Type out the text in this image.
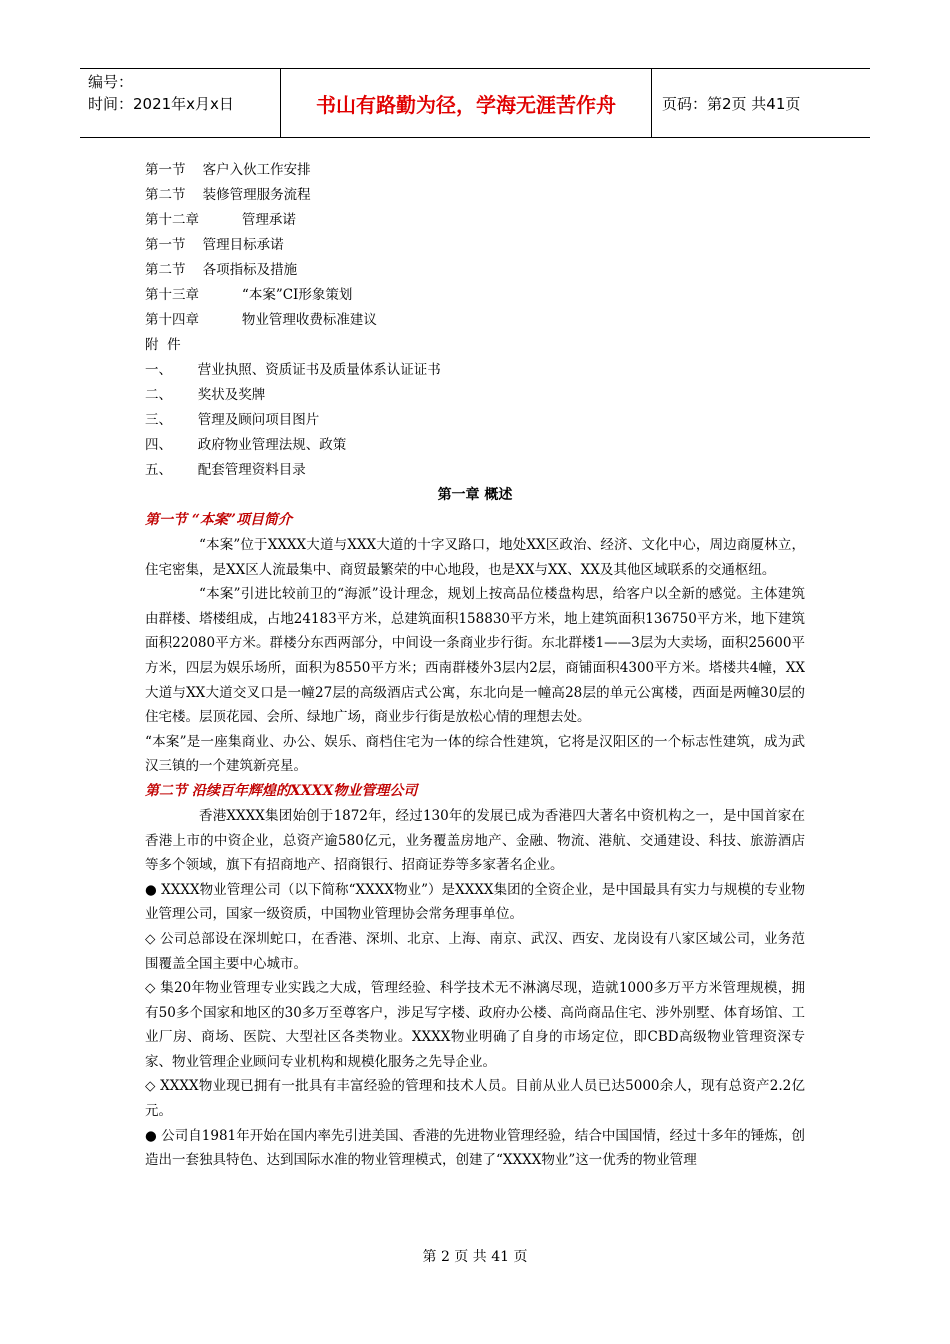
编号：
时间：2021年x月x日	书山有路勤为径，学海无涯苦作舟	页码：第2页 共41页
第一节    客户入伙工作安排
第二节    装修管理服务流程
第十二章          管理承诺
第一节    管理目标承诺
第二节    各项指标及措施
第十三章          “本案”CI形象策划
第十四章          物业管理收费标准建议
附  件
一、      营业执照、资质证书及质量体系认证证书
二、      奖状及奖牌
三、      管理及顾问项目图片
四、      政府物业管理法规、政策
五、      配套管理资料目录
第一章 概述
第一节 “本案”项目简介

“本案”位于XXXX大道与XXX大道的十字叉路口，地处XX区政治、经济、文化中心，周边商厦林立，住宅密集，是XX区人流最集中、商贸最繁荣的中心地段，也是XX与XX、XX及其他区域联系的交通枢纽。

“本案”引进比较前卫的“海派”设计理念，规划上按高品位楼盘构思，给客户以全新的感觉。主体建筑由群楼、塔楼组成，占地24183平方米，总建筑面积158830平方米，地上建筑面积136750平方米，地下建筑面积22080平方米。群楼分东西两部分，中间设一条商业步行街。东北群楼1——3层为大卖场，面积25600平方米，四层为娱乐场所，面积为8550平方米；西南群楼外3层内2层，商铺面积4300平方米。塔楼共4幢，XX大道与XX大道交叉口是一幢27层的高级酒店式公寓，东北向是一幢高28层的单元公寓楼，西面是两幢30层的住宅楼。层顶花园、会所、绿地广场，商业步行街是放松心情的理想去处。

“本案”是一座集商业、办公、娱乐、商档住宅为一体的综合性建筑，它将是汉阳区的一个标志性建筑，成为武汉三镇的一个建筑新亮星。

第二节 沿续百年辉煌的XXXX物业管理公司

香港XXXX集团始创于1872年，经过130年的发展已成为香港四大著名中资机构之一，是中国首家在香港上市的中资企业，总资产逾580亿元，业务覆盖房地产、金融、物流、港航、交通建设、科技、旅游酒店等多个领域，旗下有招商地产、招商银行、招商证券等多家著名企业。

● XXXX物业管理公司（以下简称“XXXX物业”）是XXXX集团的全资企业，是中国最具有实力与规模的专业物业管理公司，国家一级资质，中国物业管理协会常务理事单位。

◇ 公司总部设在深圳蛇口，在香港、深圳、北京、上海、南京、武汉、西安、龙岗设有八家区域公司，业务范围覆盖全国主要中心城市。

◇ 集20年物业管理专业实践之大成，管理经验、科学技术无不淋漓尽现，造就1000多万平方米管理规模，拥有50多个国家和地区的30多万至尊客户，涉足写字楼、政府办公楼、高尚商品住宅、涉外别墅、体育场馆、工业厂房、商场、医院、大型社区各类物业。XXXX物业明确了自身的市场定位，即CBD高级物业管理资深专家、物业管理企业顾问专业机构和规模化服务之先导企业。

◇ XXXX物业现已拥有一批具有丰富经验的管理和技术人员。目前从业人员已达5000余人，现有总资产2.2亿元。

● 公司自1981年开始在国内率先引进美国、香港的先进物业管理经验，结合中国国情，经过十多年的锤炼，创造出一套独具特色、达到国际水准的物业管理模式，创建了“XXXX物业”这一优秀的物业管理

第 2 页 共 41 页
